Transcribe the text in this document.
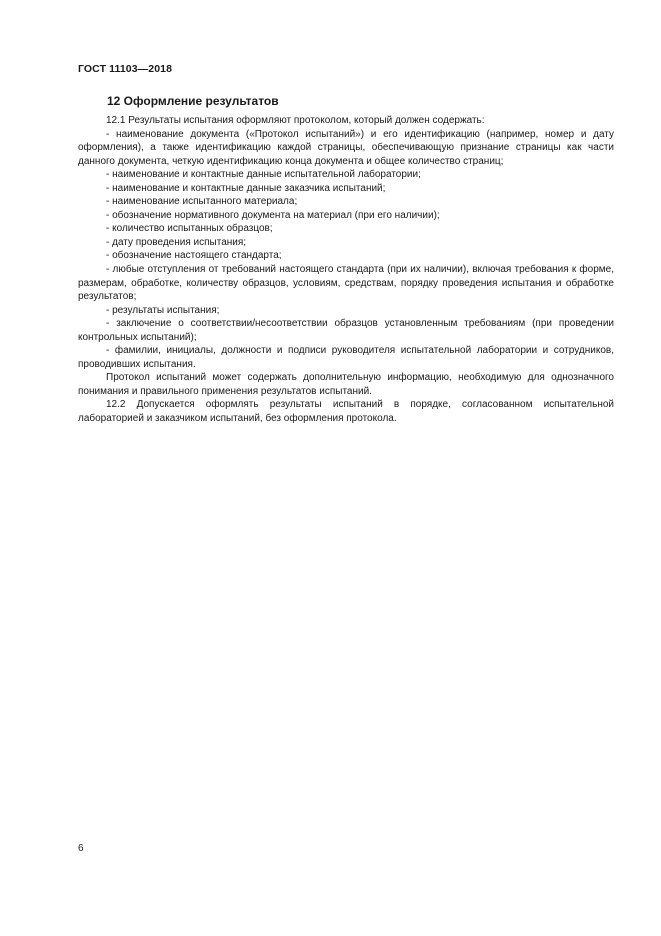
ГОСТ 11103—2018
12 Оформление результатов

12.1 Результаты испытания оформляют протоколом, который должен содержать:

- наименование документа («Протокол испытаний») и его идентификацию (например, номер и дату оформления), а также идентификацию каждой страницы, обеспечивающую признание страницы как части данного документа, четкую идентификацию конца документа и общее количество страниц;

- наименование и контактные данные испытательной лаборатории;

- наименование и контактные данные заказчика испытаний;

- наименование испытанного материала;

- обозначение нормативного документа на материал (при его наличии);

- количество испытанных образцов;

- дату проведения испытания;

- обозначение настоящего стандарта;

- любые отступления от требований настоящего стандарта (при их наличии), включая требования к форме, размерам, обработке, количеству образцов, условиям, средствам, порядку проведения испытания и обработке результатов;

- результаты испытания;

- заключение о соответствии/несоответствии образцов установленным требованиям (при проведении контрольных испытаний);

- фамилии, инициалы, должности и подписи руководителя испытательной лаборатории и сотрудников, проводивших испытания.

Протокол испытаний может содержать дополнительную информацию, необходимую для однозначного понимания и правильного применения результатов испытаний.

12.2 Допускается оформлять результаты испытаний в порядке, согласованном испытательной лабораторией и заказчиком испытаний, без оформления протокола.

6
